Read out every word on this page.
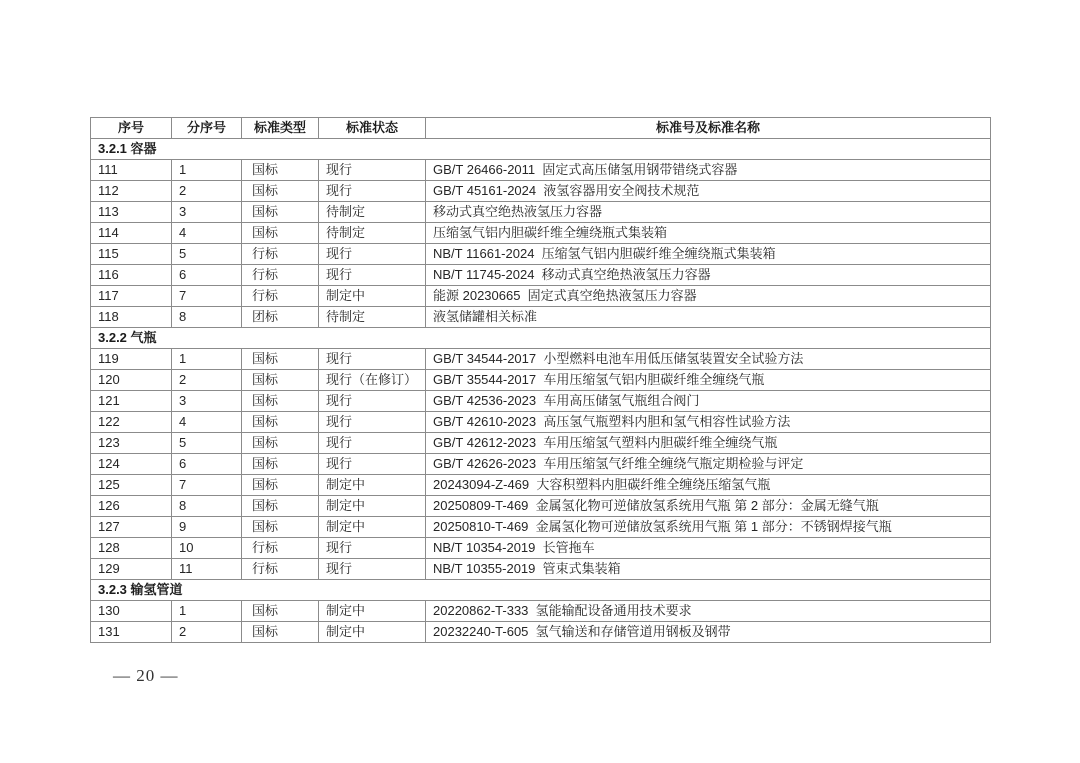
序号	分序号	标准类型	标准状态	标准号及标准名称
3.2.1 容器				
111	1	国标	现行	GB/T 26466-2011  固定式高压储氢用钢带错绕式容器
112	2	国标	现行	GB/T 45161-2024  液氢容器用安全阀技术规范
113	3	国标	待制定	移动式真空绝热液氢压力容器
114	4	国标	待制定	压缩氢气铝内胆碳纤维全缠绕瓶式集装箱
115	5	行标	现行	NB/T 11661-2024  压缩氢气铝内胆碳纤维全缠绕瓶式集装箱
116	6	行标	现行	NB/T 11745-2024  移动式真空绝热液氢压力容器
117	7	行标	制定中	能源 20230665  固定式真空绝热液氢压力容器
118	8	团标	待制定	液氢储罐相关标准
3.2.2 气瓶				
119	1	国标	现行	GB/T 34544-2017  小型燃料电池车用低压储氢装置安全试验方法
120	2	国标	现行（在修订）	GB/T 35544-2017  车用压缩氢气铝内胆碳纤维全缠绕气瓶
121	3	国标	现行	GB/T 42536-2023  车用高压储氢气瓶组合阀门
122	4	国标	现行	GB/T 42610-2023  高压氢气瓶塑料内胆和氢气相容性试验方法
123	5	国标	现行	GB/T 42612-2023  车用压缩氢气塑料内胆碳纤维全缠绕气瓶
124	6	国标	现行	GB/T 42626-2023  车用压缩氢气纤维全缠绕气瓶定期检验与评定
125	7	国标	制定中	20243094-Z-469  大容积塑料内胆碳纤维全缠绕压缩氢气瓶
126	8	国标	制定中	20250809-T-469  金属氢化物可逆储放氢系统用气瓶 第 2 部分：金属无缝气瓶
127	9	国标	制定中	20250810-T-469  金属氢化物可逆储放氢系统用气瓶 第 1 部分：不锈钢焊接气瓶
128	10	行标	现行	NB/T 10354-2019  长管拖车
129	11	行标	现行	NB/T 10355-2019  管束式集装箱
3.2.3 输氢管道				
130	1	国标	制定中	20220862-T-333  氢能输配设备通用技术要求
131	2	国标	制定中	20232240-T-605  氢气输送和存储管道用钢板及钢带
— 20 —
